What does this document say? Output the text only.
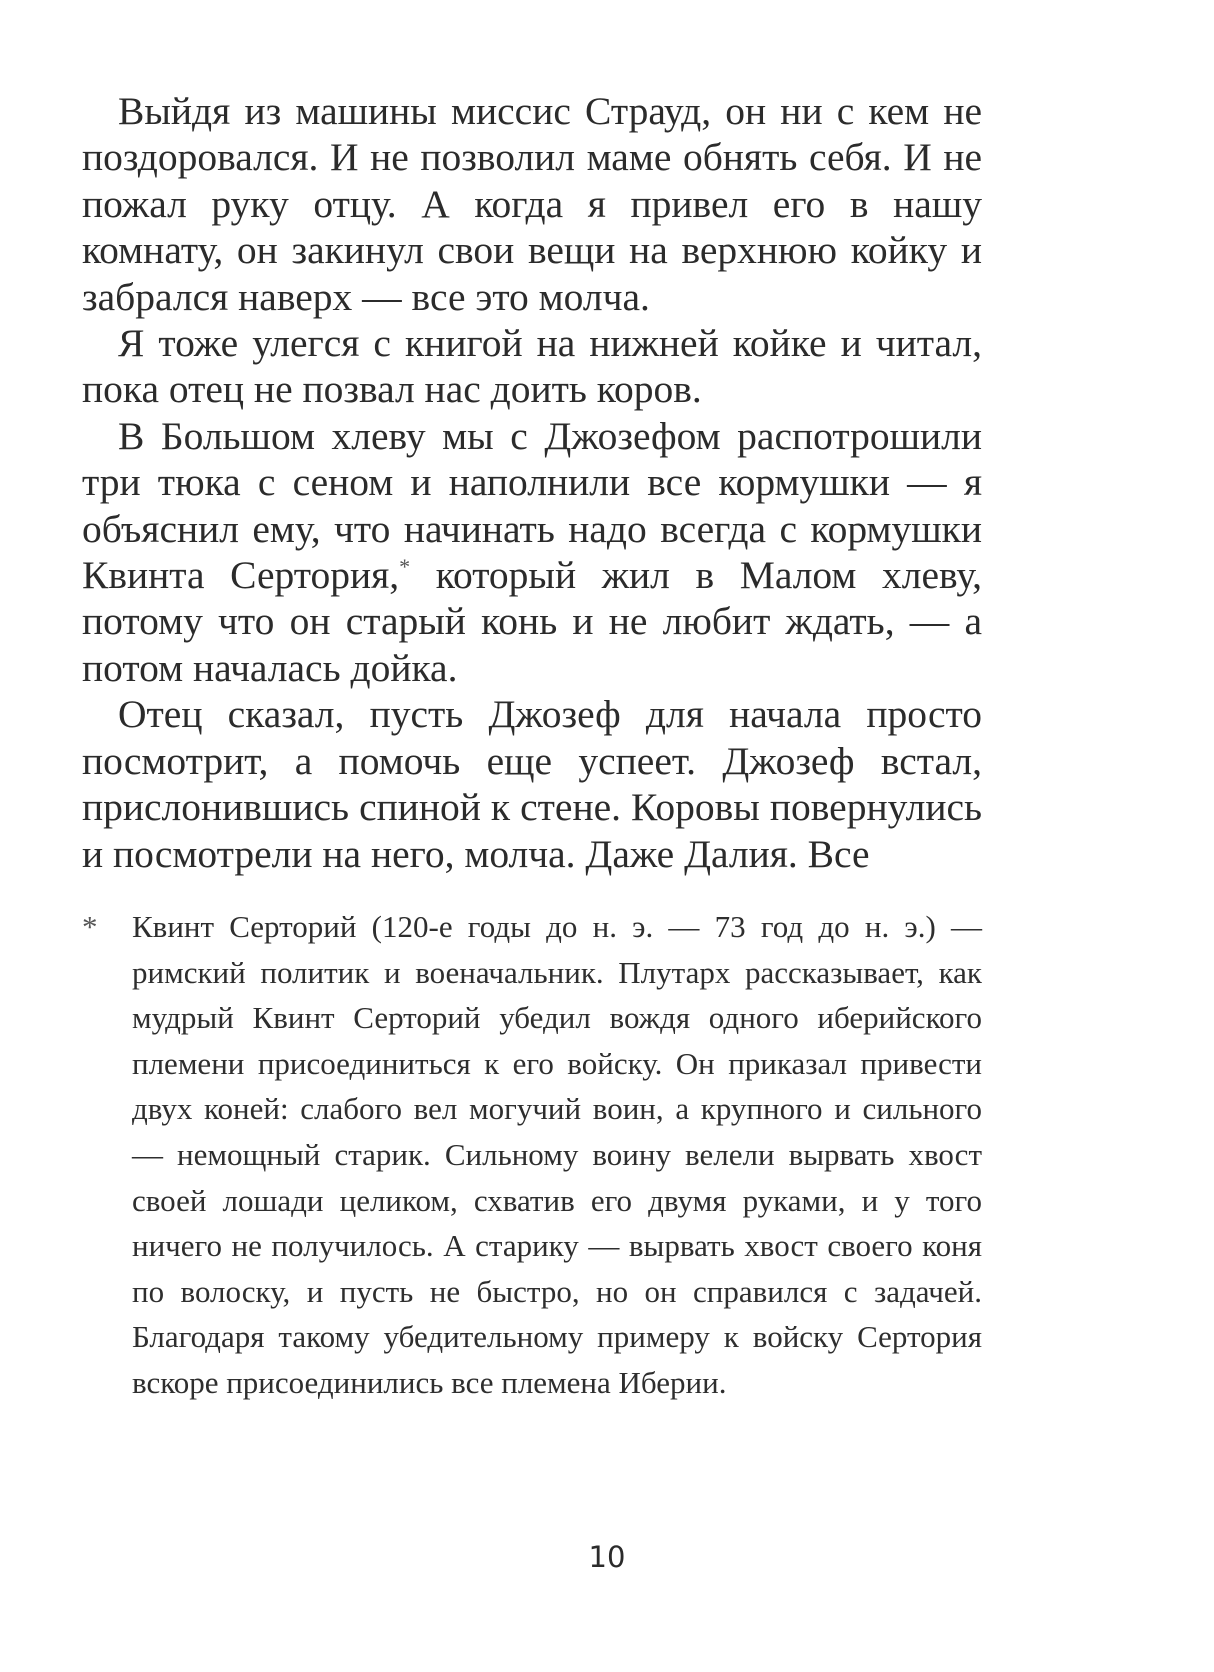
Выйдя из машины миссис Страуд, он ни с кем не поздоровался. И не позволил маме обнять себя. И не пожал руку отцу. А когда я привел его в нашу комнату, он закинул свои вещи на верхнюю койку и забрался наверх — все это молча.

Я тоже улегся с книгой на нижней койке и читал, пока отец не позвал нас доить коров.

В Большом хлеву мы с Джозефом распотрошили три тюка с сеном и наполнили все кормушки — я объяснил ему, что начинать надо всегда с кормушки Квинта Сертория,* который жил в Малом хлеву, потому что он старый конь и не любит ждать, — а потом началась дойка.

Отец сказал, пусть Джозеф для начала просто посмотрит, а помочь еще успеет. Джозеф встал, прислонившись спиной к стене. Коровы повернулись и посмотрели на него, молча. Даже Далия. Все

* Квинт Серторий (120-е годы до н. э. — 73 год до н. э.) — римский политик и военачальник. Плутарх рассказывает, как мудрый Квинт Серторий убедил вождя одного иберийского племени присоединиться к его войску. Он приказал привести двух коней: слабого вел могучий воин, а крупного и сильного — немощный старик. Сильному воину велели вырвать хвост своей лошади целиком, схватив его двумя руками, и у того ничего не получилось. А старику — вырвать хвост своего коня по волоску, и пусть не быстро, но он справился с задачей. Благодаря такому убедительному примеру к войску Сертория вскоре присоединились все племена Иберии.
10
